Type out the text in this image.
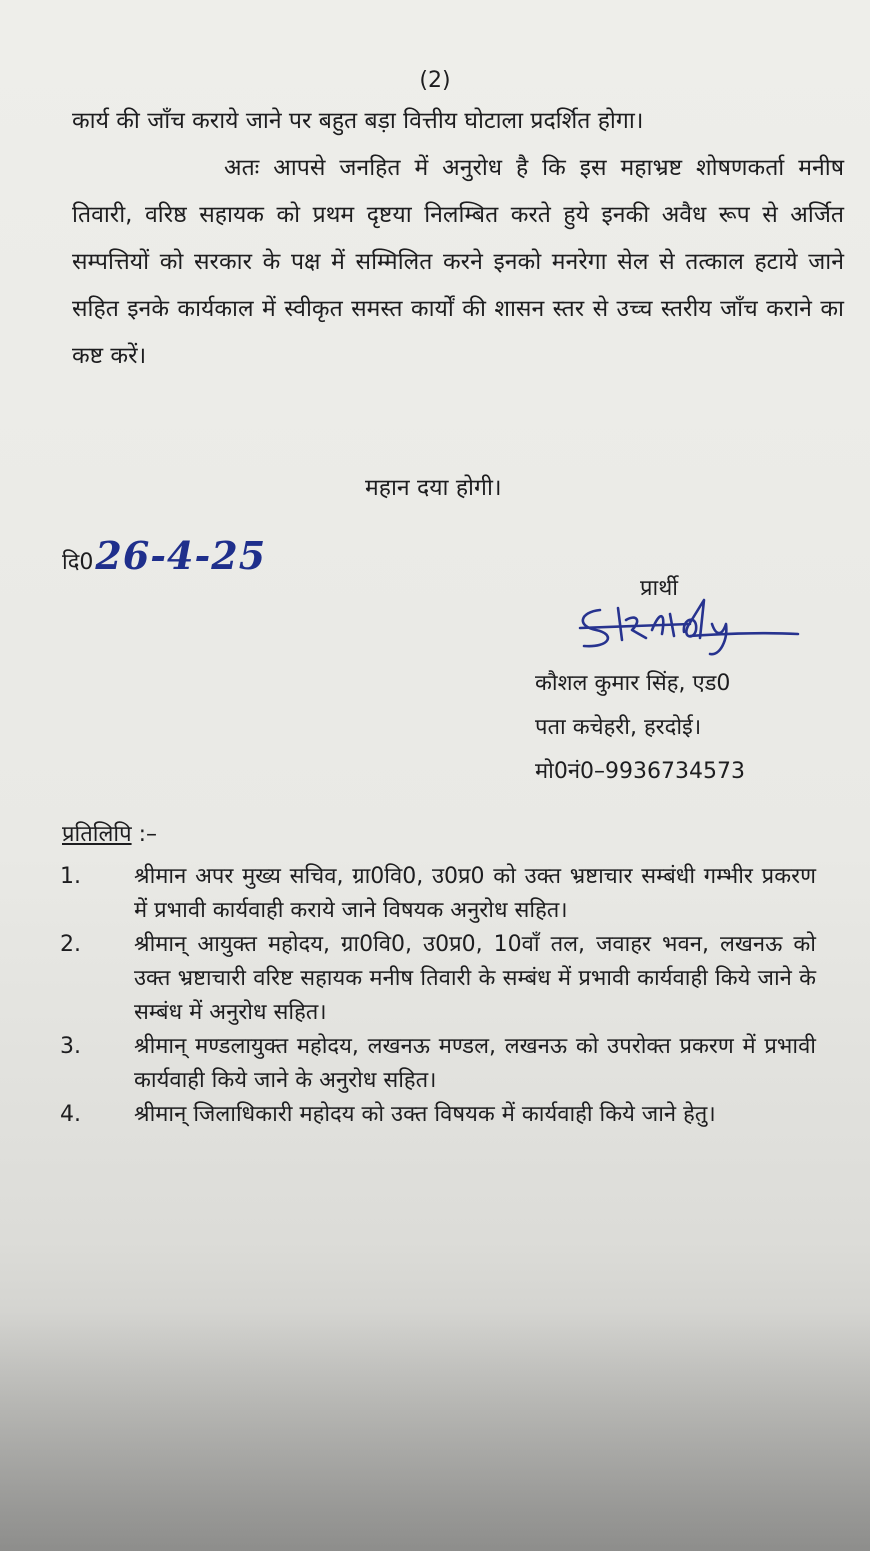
(2)

कार्य की जाँच कराये जाने पर बहुत बड़ा वित्तीय घोटाला प्रदर्शित होगा।

अतः आपसे जनहित में अनुरोध है कि इस महाभ्रष्ट शोषणकर्ता मनीष तिवारी, वरिष्ठ सहायक को प्रथम दृष्टया निलम्बित करते हुये इनकी अवैध रूप से अर्जित सम्पत्तियों को सरकार के पक्ष में सम्मिलित करने इनको मनरेगा सेल से तत्काल हटाये जाने सहित इनके कार्यकाल में स्वीकृत समस्त कार्यों की शासन स्तर से उच्च स्तरीय जाँच कराने का कष्ट करें।

महान दया होगी।
दि0 26-4-25
प्रार्थी
कौशल कुमार सिंह, एड0
पता कचेहरी, हरदोई।
मो0नं0–9936734573
प्रतिलिपि :–
1.	श्रीमान अपर मुख्य सचिव, ग्रा0वि0, उ0प्र0 को उक्त भ्रष्टाचार सम्बंधी गम्भीर प्रकरण में प्रभावी कार्यवाही कराये जाने विषयक अनुरोध सहित।
2.	श्रीमान् आयुक्त महोदय, ग्रा0वि0, उ0प्र0, 10वाँ तल, जवाहर भवन, लखनऊ को उक्त भ्रष्टाचारी वरिष्ट सहायक मनीष तिवारी के सम्बंध में प्रभावी कार्यवाही किये जाने के सम्बंध में अनुरोध सहित।
3.	श्रीमान् मण्डलायुक्त महोदय, लखनऊ मण्डल, लखनऊ को उपरोक्त प्रकरण में प्रभावी कार्यवाही किये जाने के अनुरोध सहित।
4.	श्रीमान् जिलाधिकारी महोदय को उक्त विषयक में कार्यवाही किये जाने हेतु।
